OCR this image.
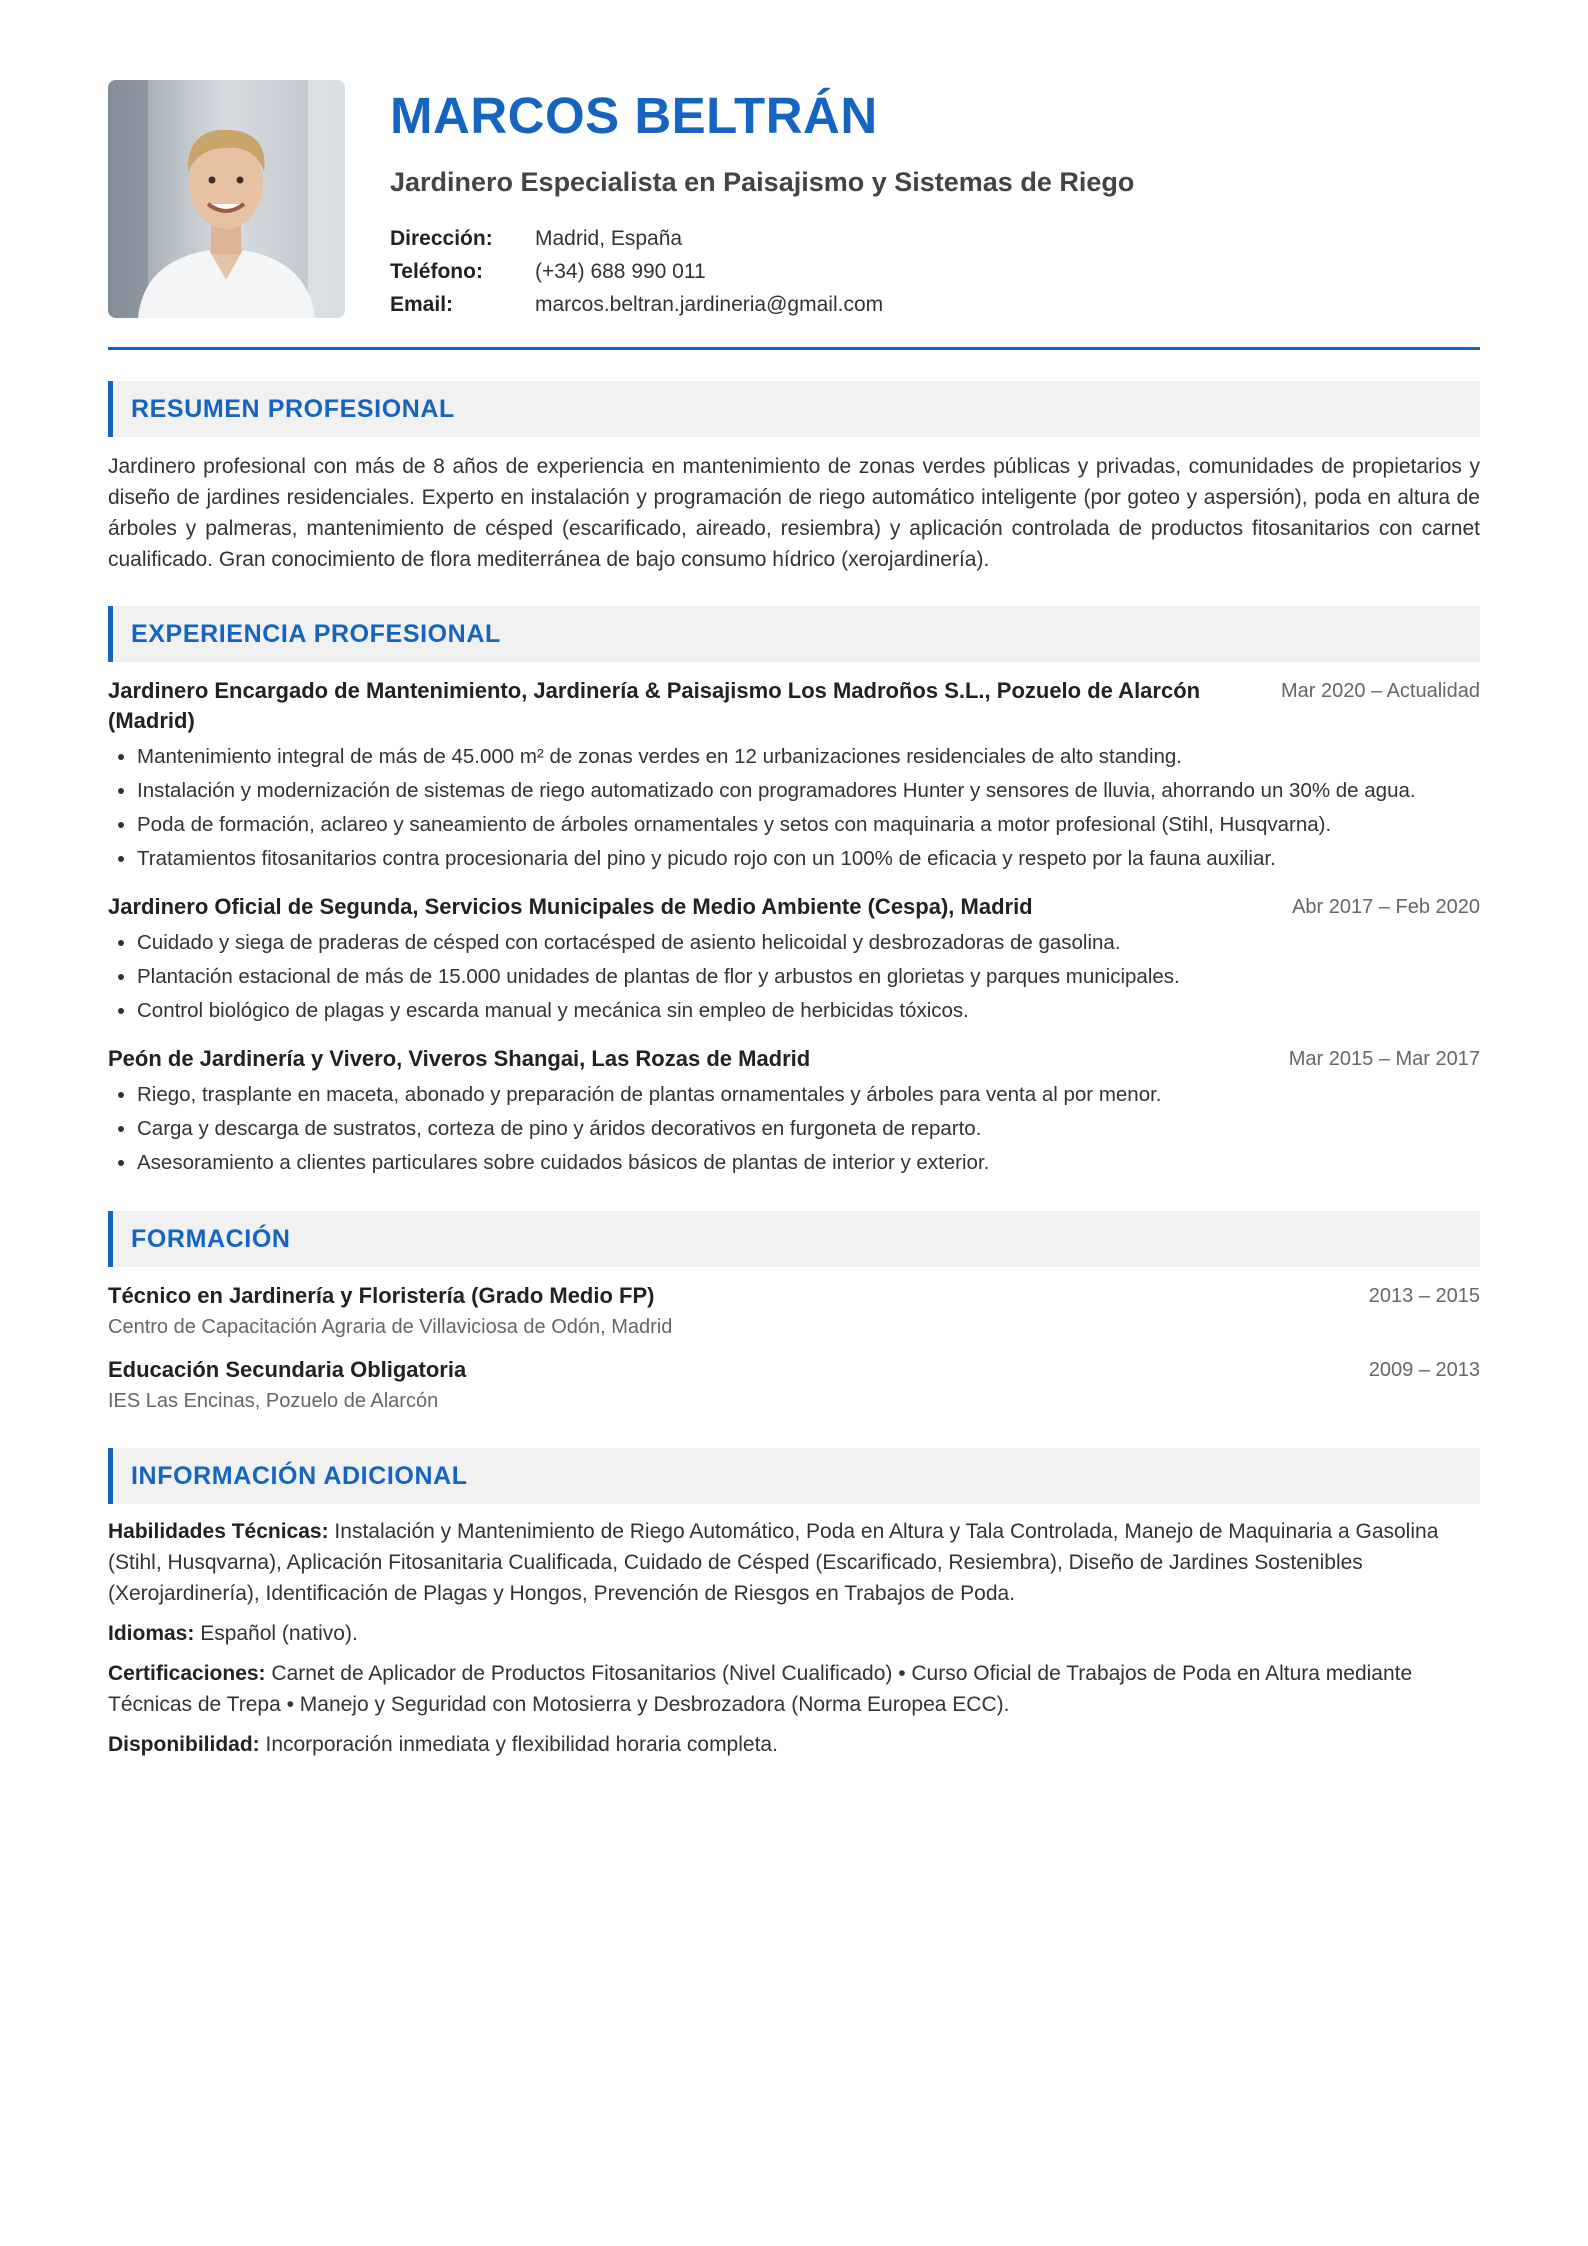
MARCOS BELTRÁN
Jardinero Especialista en Paisajismo y Sistemas de Riego
Dirección:	Madrid, España
Teléfono:	(+34) 688 990 011
Email:	marcos.beltran.jardineria@gmail.com
RESUMEN PROFESIONAL

Jardinero profesional con más de 8 años de experiencia en mantenimiento de zonas verdes públicas y privadas, comunidades de propietarios y diseño de jardines residenciales. Experto en instalación y programación de riego automático inteligente (por goteo y aspersión), poda en altura de árboles y palmeras, mantenimiento de césped (escarificado, aireado, resiembra) y aplicación controlada de productos fitosanitarios con carnet cualificado. Gran conocimiento de flora mediterránea de bajo consumo hídrico (xerojardinería).

EXPERIENCIA PROFESIONAL
Jardinero Encargado de Mantenimiento, Jardinería & Paisajismo Los Madroños S.L., Pozuelo de Alarcón (Madrid)
Mar 2020 – Actualidad
• Mantenimiento integral de más de 45.000 m² de zonas verdes en 12 urbanizaciones residenciales de alto standing.
• Instalación y modernización de sistemas de riego automatizado con programadores Hunter y sensores de lluvia, ahorrando un 30% de agua.
• Poda de formación, aclareo y saneamiento de árboles ornamentales y setos con maquinaria a motor profesional (Stihl, Husqvarna).
• Tratamientos fitosanitarios contra procesionaria del pino y picudo rojo con un 100% de eficacia y respeto por la fauna auxiliar.
Jardinero Oficial de Segunda, Servicios Municipales de Medio Ambiente (Cespa), Madrid	Abr 2017 – Feb 2020
• Cuidado y siega de praderas de césped con cortacésped de asiento helicoidal y desbrozadoras de gasolina.
• Plantación estacional de más de 15.000 unidades de plantas de flor y arbustos en glorietas y parques municipales.
• Control biológico de plagas y escarda manual y mecánica sin empleo de herbicidas tóxicos.
Peón de Jardinería y Vivero, Viveros Shangai, Las Rozas de Madrid	Mar 2015 – Mar 2017
• Riego, trasplante en maceta, abonado y preparación de plantas ornamentales y árboles para venta al por menor.
• Carga y descarga de sustratos, corteza de pino y áridos decorativos en furgoneta de reparto.
• Asesoramiento a clientes particulares sobre cuidados básicos de plantas de interior y exterior.
FORMACIÓN
Técnico en Jardinería y Floristería (Grado Medio FP)	2013 – 2015
Centro de Capacitación Agraria de Villaviciosa de Odón, Madrid
Educación Secundaria Obligatoria	2009 – 2013
IES Las Encinas, Pozuelo de Alarcón
INFORMACIÓN ADICIONAL

Habilidades Técnicas: Instalación y Mantenimiento de Riego Automático, Poda en Altura y Tala Controlada, Manejo de Maquinaria a Gasolina (Stihl, Husqvarna), Aplicación Fitosanitaria Cualificada, Cuidado de Césped (Escarificado, Resiembra), Diseño de Jardines Sostenibles (Xerojardinería), Identificación de Plagas y Hongos, Prevención de Riesgos en Trabajos de Poda.

Idiomas: Español (nativo).

Certificaciones: Carnet de Aplicador de Productos Fitosanitarios (Nivel Cualificado) • Curso Oficial de Trabajos de Poda en Altura mediante Técnicas de Trepa • Manejo y Seguridad con Motosierra y Desbrozadora (Norma Europea ECC).

Disponibilidad: Incorporación inmediata y flexibilidad horaria completa.
